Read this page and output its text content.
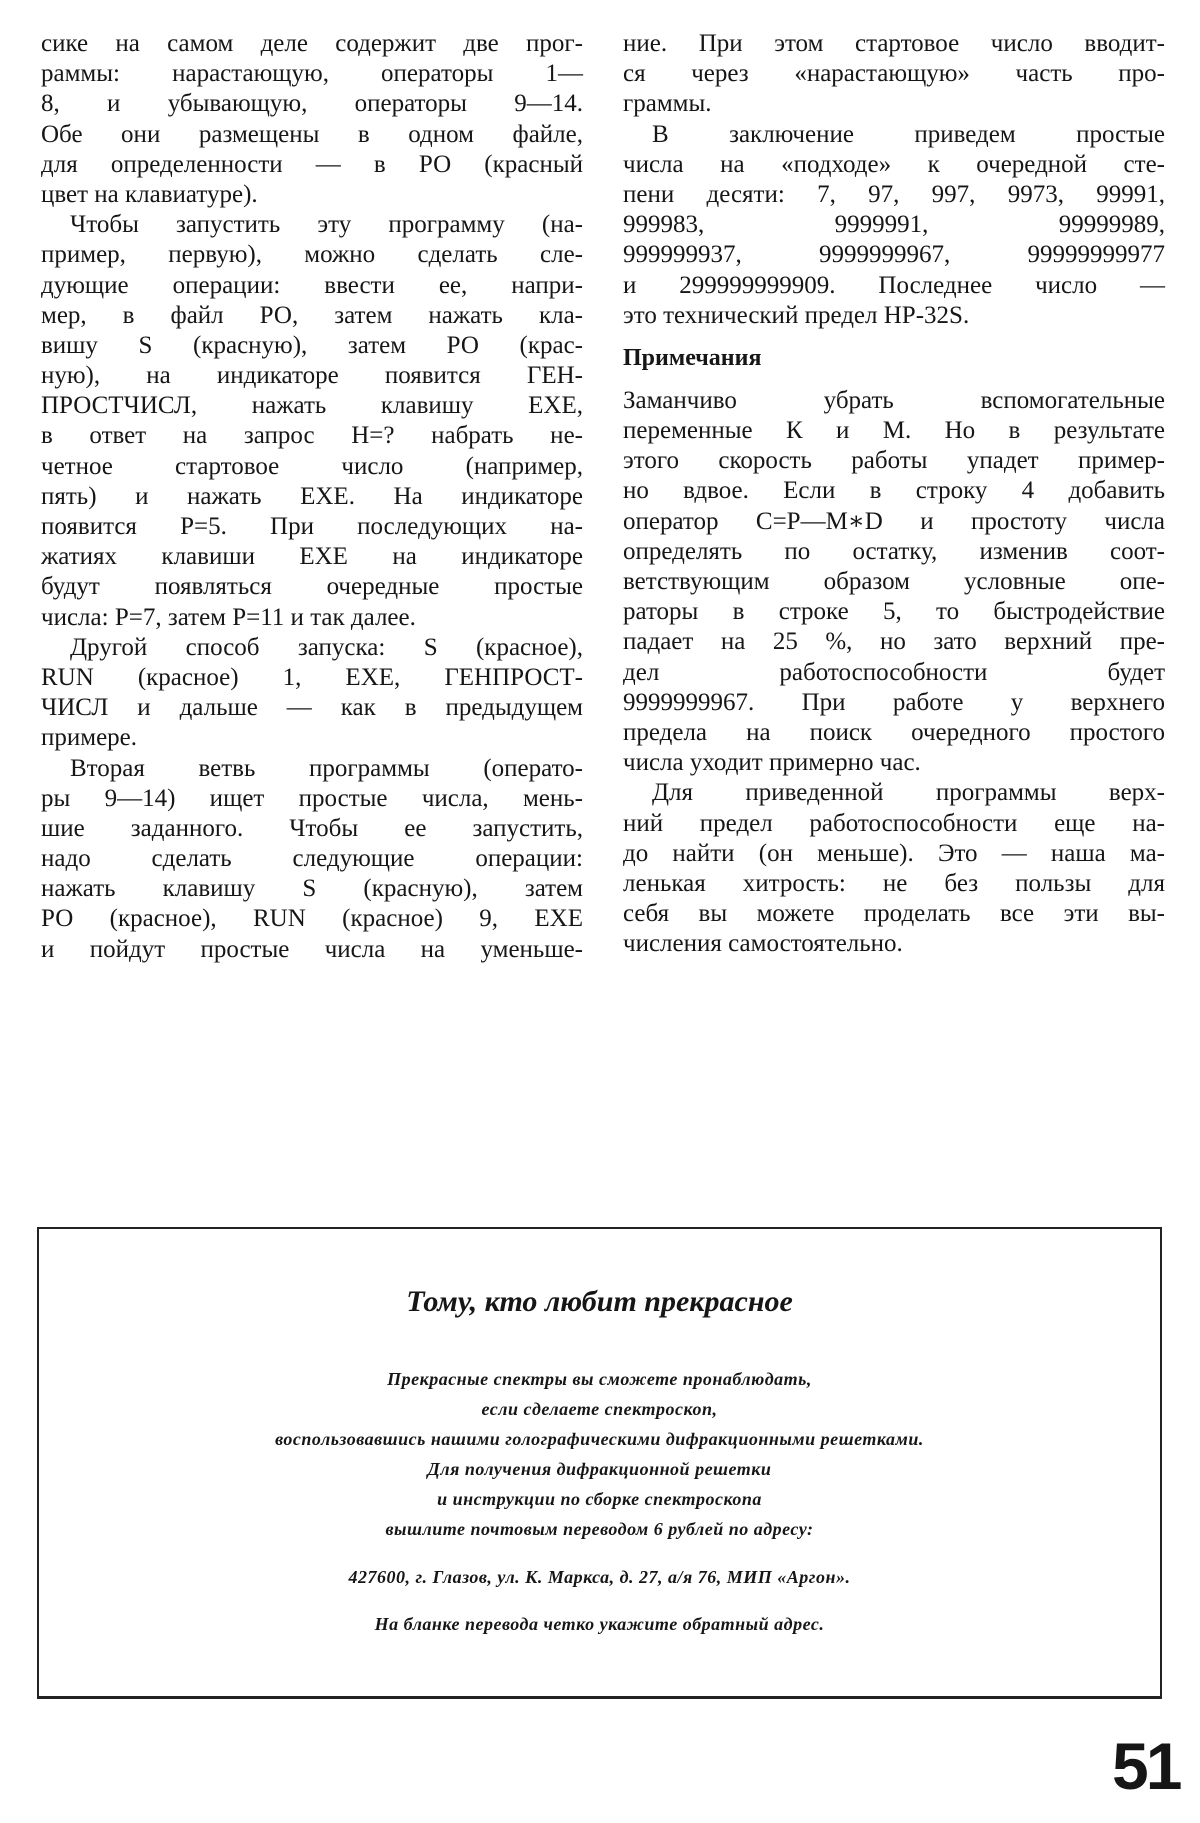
сике на самом деле содержит две прог-
раммы: нарастающую, операторы 1—
8, и убывающую, операторы 9—14.
Обе они размещены в одном файле,
для определенности — в РО (красный
цвет на клавиатуре).
Чтобы запустить эту программу (на-
пример, первую), можно сделать сле-
дующие операции: ввести ее, напри-
мер, в файл РО, затем нажать кла-
вишу S (красную), затем РО (крас-
ную), на индикаторе появится ГЕН-
ПРОСТЧИСЛ, нажать клавишу EXE,
в ответ на запрос Н=? набрать не-
четное стартовое число (например,
пять) и нажать EXE. На индикаторе
появится Р=5. При последующих на-
жатиях клавиши EXE на индикаторе
будут появляться очередные простые
числа: Р=7, затем Р=11 и так далее.
Другой способ запуска: S (красное),
RUN (красное) 1, EXE, ГЕНПРОСТ-
ЧИСЛ и дальше — как в предыдущем
примере.
Вторая ветвь программы (операто-
ры 9—14) ищет простые числа, мень-
шие заданного. Чтобы ее запустить,
надо сделать следующие операции:
нажать клавишу S (красную), затем
РО (красное), RUN (красное) 9, EXE
и пойдут простые числа на уменьше-
ние. При этом стартовое число вводит-
ся через «нарастающую» часть про-
граммы.
В заключение приведем простые
числа на «подходе» к очередной сте-
пени десяти: 7, 97, 997, 9973, 99991,
999983, 9999991, 99999989,
999999937, 9999999967, 99999999977
и 299999999909. Последнее число —
это технический предел HP-32S.
Примечания
Заманчиво убрать вспомогательные
переменные К и М. Но в результате
этого скорость работы упадет пример-
но вдвое. Если в строку 4 добавить
оператор C=P—M∗D и простоту числа
определять по остатку, изменив соот-
ветствующим образом условные опе-
раторы в строке 5, то быстродействие
падает на 25 %, но зато верхний пре-
дел работоспособности будет
9999999967. При работе у верхнего
предела на поиск очередного простого
числа уходит примерно час.
Для приведенной программы верх-
ний предел работоспособности еще на-
до найти (он меньше). Это — наша ма-
ленькая хитрость: не без пользы для
себя вы можете проделать все эти вы-
числения самостоятельно.
Тому, кто любит прекрасное
Прекрасные спектры вы сможете пронаблюдать,
если сделаете спектроскоп,
воспользовавшись нашими голографическими дифракционными решетками.
Для получения дифракционной решетки
и инструкции по сборке спектроскопа
вышлите почтовым переводом 6 рублей по адресу:
427600, г. Глазов, ул. К. Маркса, д. 27, а/я 76, МИП «Аргон».
На бланке перевода четко укажите обратный адрес.
51
